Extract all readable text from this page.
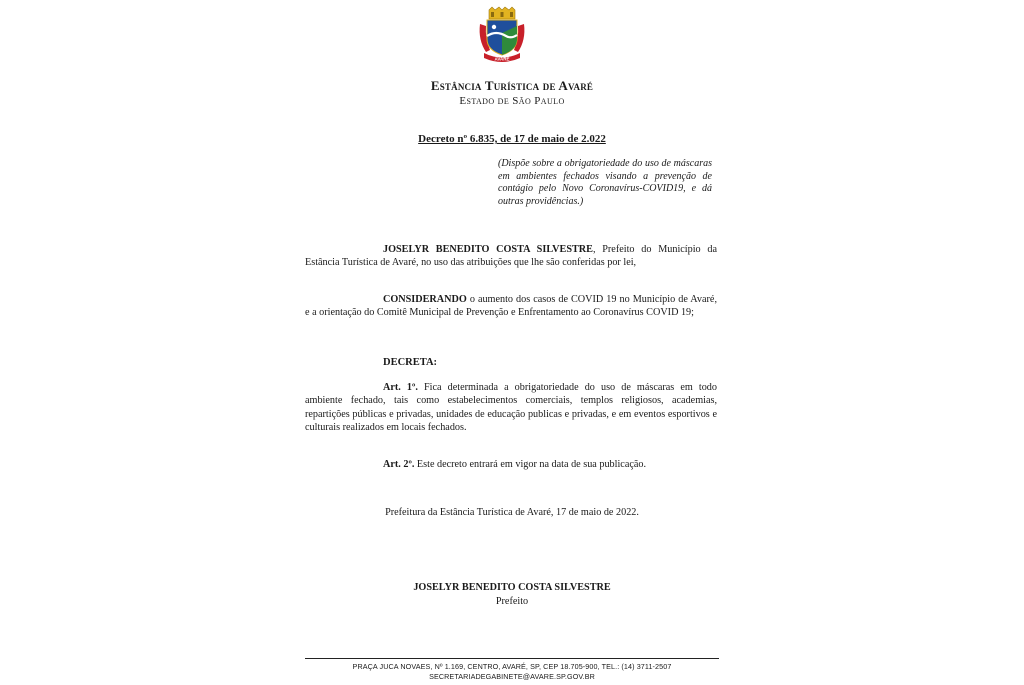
AVARÉ
Estância Turística de Avaré
Estado de São Paulo
Decreto nº 6.835, de 17 de maio de 2.022
(Dispõe sobre a obrigatoriedade do uso de máscaras em ambientes fechados visando a prevenção de contágio pelo Novo Coronavírus-COVID19, e dá outras providências.)
JOSELYR BENEDITO COSTA SILVESTRE, Prefeito do Município da Estância Turística de Avaré, no uso das atribuições que lhe são conferidas por lei,
CONSIDERANDO o aumento dos casos de COVID 19 no Município de Avaré, e a orientação do Comitê Municipal de Prevenção e Enfrentamento ao Coronavírus COVID 19;
DECRETA:
Art. 1º. Fica determinada a obrigatoriedade do uso de máscaras em todo ambiente fechado, tais como estabelecimentos comerciais, templos religiosos, academias, repartições públicas e privadas, unidades de educação publicas e privadas, e em eventos esportivos e culturais realizados em locais fechados.
Art. 2º. Este decreto entrará em vigor na data de sua publicação.
Prefeitura da Estância Turística de Avaré, 17 de maio de 2022.
JOSELYR BENEDITO COSTA SILVESTRE
Prefeito
PRAÇA JUCA NOVAES, Nº 1.169, CENTRO, AVARÉ, SP, CEP 18.705-900, TEL.: (14) 3711-2507
SECRETARIADEGABINETE@AVARE.SP.GOV.BR
